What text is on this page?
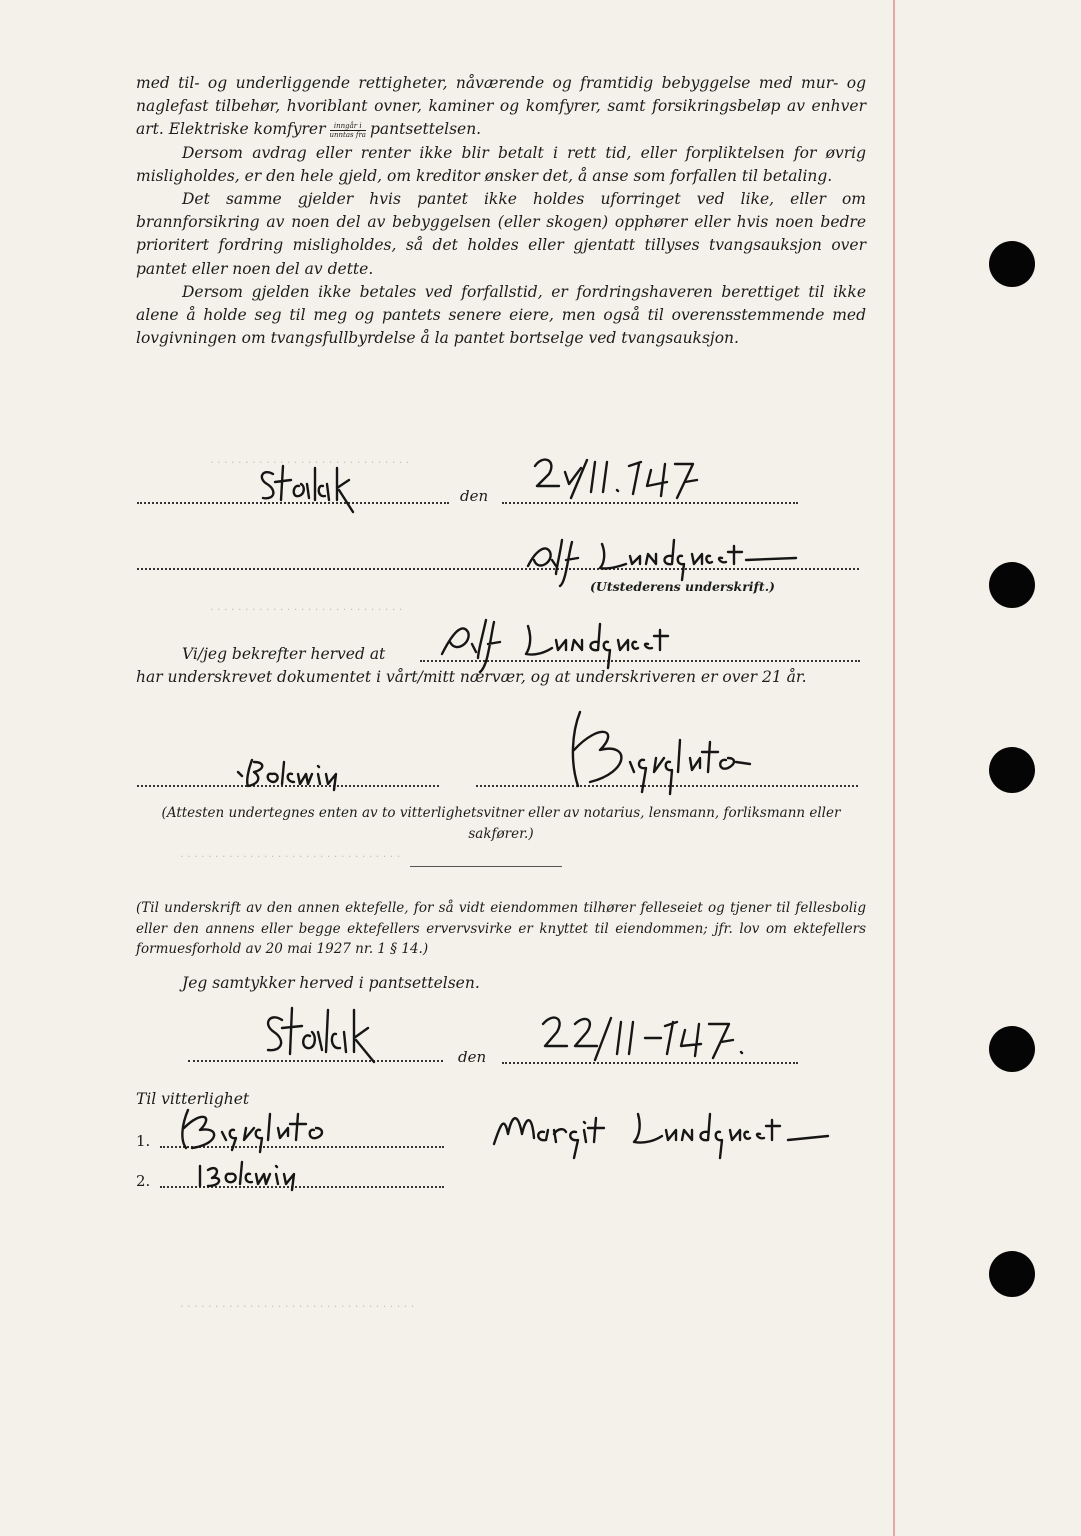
· · · · · · · · · · · · · · · · · · · · · · · · · · · · ·
· · · · · · · · · · · · · · · · · · · · · · · · · · · ·
· · · · · · · · · · · · · · · · · · · · · · · · · · · · · · · ·
· · · · · · · · · · · · · · · · · · · · · · · · · · · · · · · · · ·

med til- og underliggende rettigheter, nåværende og framtidig bebyggelse med mur- og naglefast tilbehør, hvoriblant ovner, kaminer og komfyrer, samt forsikringsbeløp av enhver art. Elektriske komfyrer $\frac{\text{inngår i}}{\text{unntas fra}}$ pantsettelsen.

Dersom avdrag eller renter ikke blir betalt i rett tid, eller forpliktelsen for øvrig misligholdes, er den hele gjeld, om kreditor ønsker det, å anse som forfallen til betaling.

Det samme gjelder hvis pantet ikke holdes uforringet ved like, eller om brannforsikring av noen del av bebyggelsen (eller skogen) opphører eller hvis noen bedre prioritert fordring misligholdes, så det holdes eller gjentatt tillyses tvangsauksjon over pantet eller noen del av dette.

Dersom gjelden ikke betales ved forfallstid, er fordringshaveren berettiget til ikke alene å holde seg til meg og pantets senere eiere, men også til overensstemmende med lovgivningen om tvangsfullbyrdelse å la pantet bortselge ved tvangsauksjon.

den
(Utstederens underskrift.)
Vi/jeg bekrefter herved at
har underskrevet dokumentet i vårt/mitt nærvær, og at underskriveren er over 21 år.
(Attesten undertegnes enten av to vitterlighetsvitner eller av notarius, lensmann, forliksmann eller sakfører.)
(Til underskrift av den annen ektefelle, for så vidt eiendommen tilhører felleseiet og tjener til fellesbolig eller den annens eller begge ektefellers ervervsvirke er knyttet til eiendommen; jfr. lov om ektefellers formuesforhold av 20 mai 1927 nr. 1 § 14.)
Jeg samtykker herved i pantsettelsen.
den
Til vitterlighet
1.
2.
